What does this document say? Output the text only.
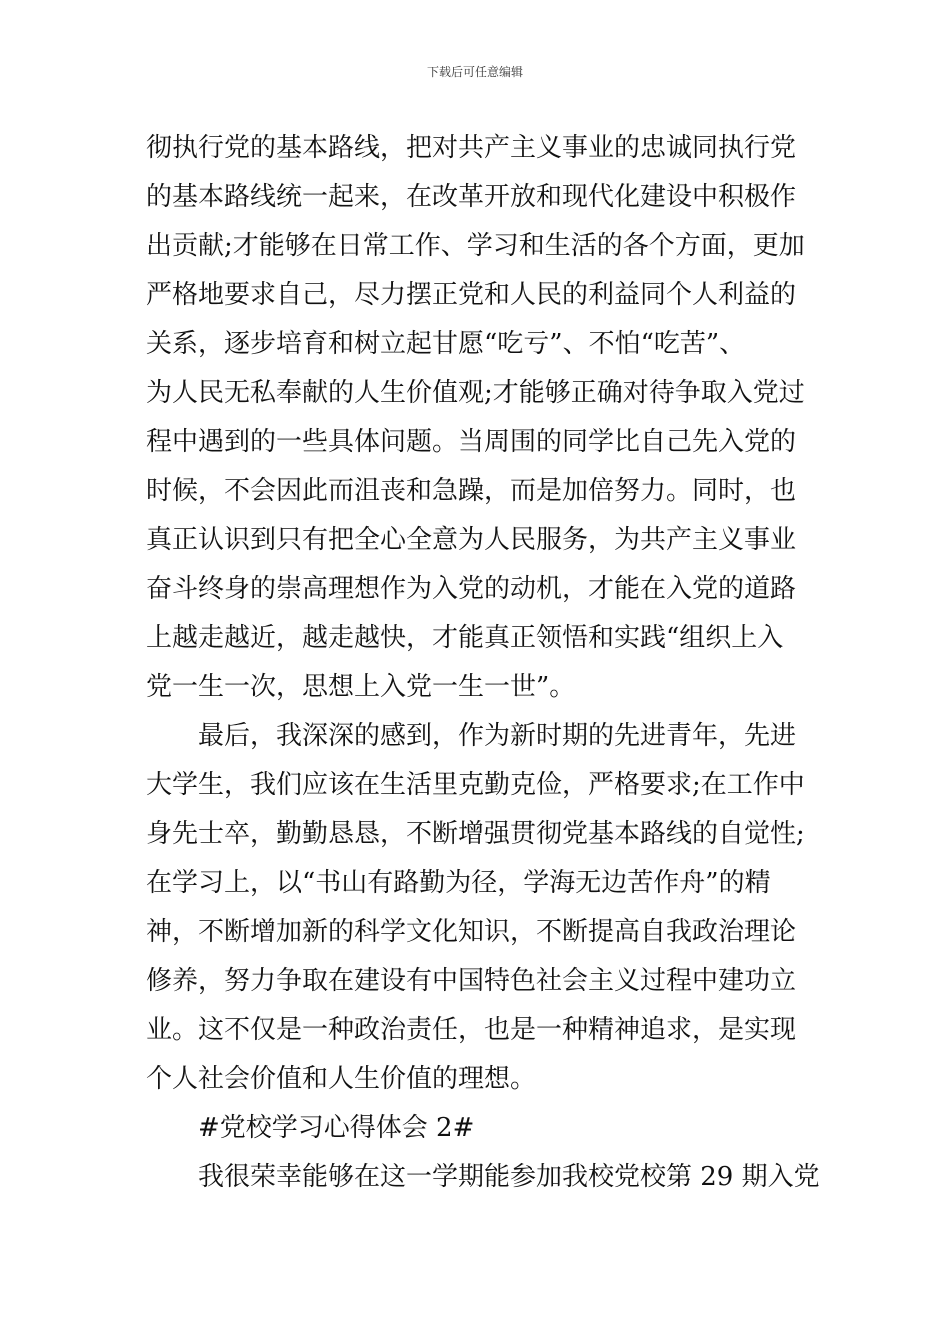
下载后可任意编辑
彻执行党的基本路线，把对共产主义事业的忠诚同执行党
的基本路线统一起来，在改革开放和现代化建设中积极作
出贡献;才能够在日常工作、学习和生活的各个方面，更加
严格地要求自己，尽力摆正党和人民的利益同个人利益的
关系，逐步培育和树立起甘愿“吃亏”、不怕“吃苦”、
为人民无私奉献的人生价值观;才能够正确对待争取入党过
程中遇到的一些具体问题。当周围的同学比自己先入党的
时候，不会因此而沮丧和急躁，而是加倍努力。同时，也
真正认识到只有把全心全意为人民服务，为共产主义事业
奋斗终身的崇高理想作为入党的动机，才能在入党的道路
上越走越近，越走越快，才能真正领悟和实践“组织上入
党一生一次，思想上入党一生一世”。
最后，我深深的感到，作为新时期的先进青年，先进
大学生，我们应该在生活里克勤克俭，严格要求;在工作中
身先士卒，勤勤恳恳，不断增强贯彻党基本路线的自觉性;
在学习上，以“书山有路勤为径，学海无边苦作舟”的精
神，不断增加新的科学文化知识，不断提高自我政治理论
修养，努力争取在建设有中国特色社会主义过程中建功立
业。这不仅是一种政治责任，也是一种精神追求，是实现
个人社会价值和人生价值的理想。
#党校学习心得体会 2#
我很荣幸能够在这一学期能参加我校党校第 29 期入党
